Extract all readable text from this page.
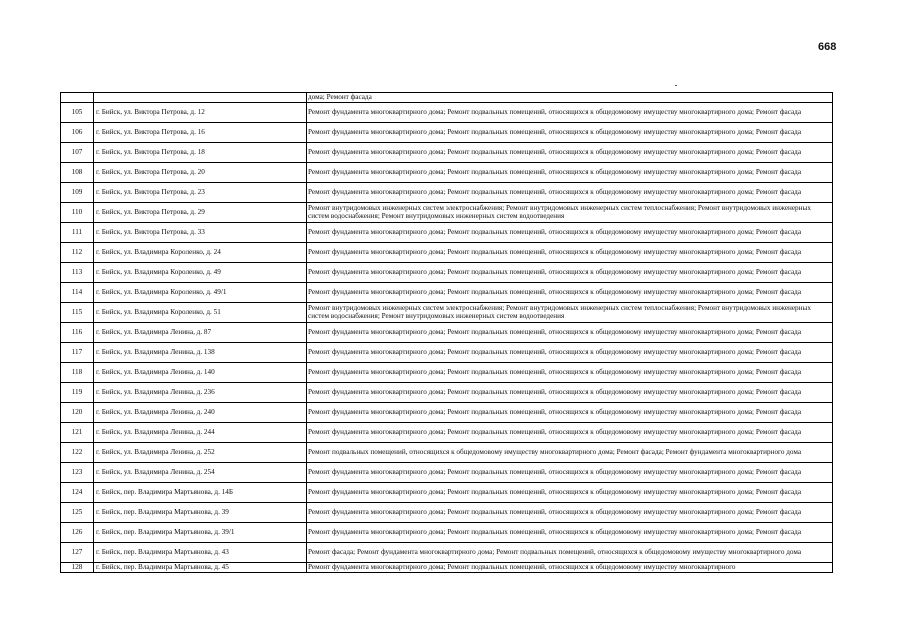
668
		дома; Ремонт фасада
105	г. Бийск, ул. Виктора Петрова, д. 12	Ремонт фундамента многоквартирного дома; Ремонт подвальных помещений, относящихся к общедомовому имуществу многоквартирного дома; Ремонт фасада
106	г. Бийск, ул. Виктора Петрова, д. 16	Ремонт фундамента многоквартирного дома; Ремонт подвальных помещений, относящихся к общедомовому имуществу многоквартирного дома; Ремонт фасада
107	г. Бийск, ул. Виктора Петрова, д. 18	Ремонт фундамента многоквартирного дома; Ремонт подвальных помещений, относящихся к общедомовому имуществу многоквартирного дома; Ремонт фасада
108	г. Бийск, ул. Виктора Петрова, д. 20	Ремонт фундамента многоквартирного дома; Ремонт подвальных помещений, относящихся к общедомовому имуществу многоквартирного дома; Ремонт фасада
109	г. Бийск, ул. Виктора Петрова, д. 23	Ремонт фундамента многоквартирного дома; Ремонт подвальных помещений, относящихся к общедомовому имуществу многоквартирного дома; Ремонт фасада
110	г. Бийск, ул. Виктора Петрова, д. 29	Ремонт внутридомовых инженерных систем электроснабжения; Ремонт внутридомовых инженерных систем теплоснабжения; Ремонт внутридомовых инженерных систем водоснабжения; Ремонт внутридомовых инженерных систем водоотведения
111	г. Бийск, ул. Виктора Петрова, д. 33	Ремонт фундамента многоквартирного дома; Ремонт подвальных помещений, относящихся к общедомовому имуществу многоквартирного дома; Ремонт фасада
112	г. Бийск, ул. Владимира Короленко, д. 24	Ремонт фундамента многоквартирного дома; Ремонт подвальных помещений, относящихся к общедомовому имуществу многоквартирного дома; Ремонт фасада
113	г. Бийск, ул. Владимира Короленко, д. 49	Ремонт фундамента многоквартирного дома; Ремонт подвальных помещений, относящихся к общедомовому имуществу многоквартирного дома; Ремонт фасада
114	г. Бийск, ул. Владимира Короленко, д. 49/1	Ремонт фундамента многоквартирного дома; Ремонт подвальных помещений, относящихся к общедомовому имуществу многоквартирного дома; Ремонт фасада
115	г. Бийск, ул. Владимира Короленко, д. 51	Ремонт внутридомовых инженерных систем электроснабжения; Ремонт внутридомовых инженерных систем теплоснабжения; Ремонт внутридомовых инженерных систем водоснабжения; Ремонт внутридомовых инженерных систем водоотведения
116	г. Бийск, ул. Владимира Ленина, д. 87	Ремонт фундамента многоквартирного дома; Ремонт подвальных помещений, относящихся к общедомовому имуществу многоквартирного дома; Ремонт фасада
117	г. Бийск, ул. Владимира Ленина, д. 138	Ремонт фундамента многоквартирного дома; Ремонт подвальных помещений, относящихся к общедомовому имуществу многоквартирного дома; Ремонт фасада
118	г. Бийск, ул. Владимира Ленина, д. 140	Ремонт фундамента многоквартирного дома; Ремонт подвальных помещений, относящихся к общедомовому имуществу многоквартирного дома; Ремонт фасада
119	г. Бийск, ул. Владимира Ленина, д. 236	Ремонт фундамента многоквартирного дома; Ремонт подвальных помещений, относящихся к общедомовому имуществу многоквартирного дома; Ремонт фасада
120	г. Бийск, ул. Владимира Ленина, д. 240	Ремонт фундамента многоквартирного дома; Ремонт подвальных помещений, относящихся к общедомовому имуществу многоквартирного дома; Ремонт фасада
121	г. Бийск, ул. Владимира Ленина, д. 244	Ремонт фундамента многоквартирного дома; Ремонт подвальных помещений, относящихся к общедомовому имуществу многоквартирного дома; Ремонт фасада
122	г. Бийск, ул. Владимира Ленина, д. 252	Ремонт подвальных помещений, относящихся к общедомовому имуществу многоквартирного дома; Ремонт фасада; Ремонт фундамента многоквартирного дома
123	г. Бийск, ул. Владимира Ленина, д. 254	Ремонт фундамента многоквартирного дома; Ремонт подвальных помещений, относящихся к общедомовому имуществу многоквартирного дома; Ремонт фасада
124	г. Бийск, пер. Владимира Мартьянова, д. 14Б	Ремонт фундамента многоквартирного дома; Ремонт подвальных помещений, относящихся к общедомовому имуществу многоквартирного дома; Ремонт фасада
125	г. Бийск, пер. Владимира Мартьянова, д. 39	Ремонт фундамента многоквартирного дома; Ремонт подвальных помещений, относящихся к общедомовому имуществу многоквартирного дома; Ремонт фасада
126	г. Бийск, пер. Владимира Мартьянова, д. 39/1	Ремонт фундамента многоквартирного дома; Ремонт подвальных помещений, относящихся к общедомовому имуществу многоквартирного дома; Ремонт фасада
127	г. Бийск, пер. Владимира Мартьянова, д. 43	Ремонт фасада; Ремонт фундамента многоквартирного дома; Ремонт подвальных помещений, относящихся к общедомовому имуществу многоквартирного дома
128	г. Бийск, пер. Владимира Мартьянова, д. 45	Ремонт фундамента многоквартирного дома; Ремонт подвальных помещений, относящихся к общедомовому имуществу многоквартирного
